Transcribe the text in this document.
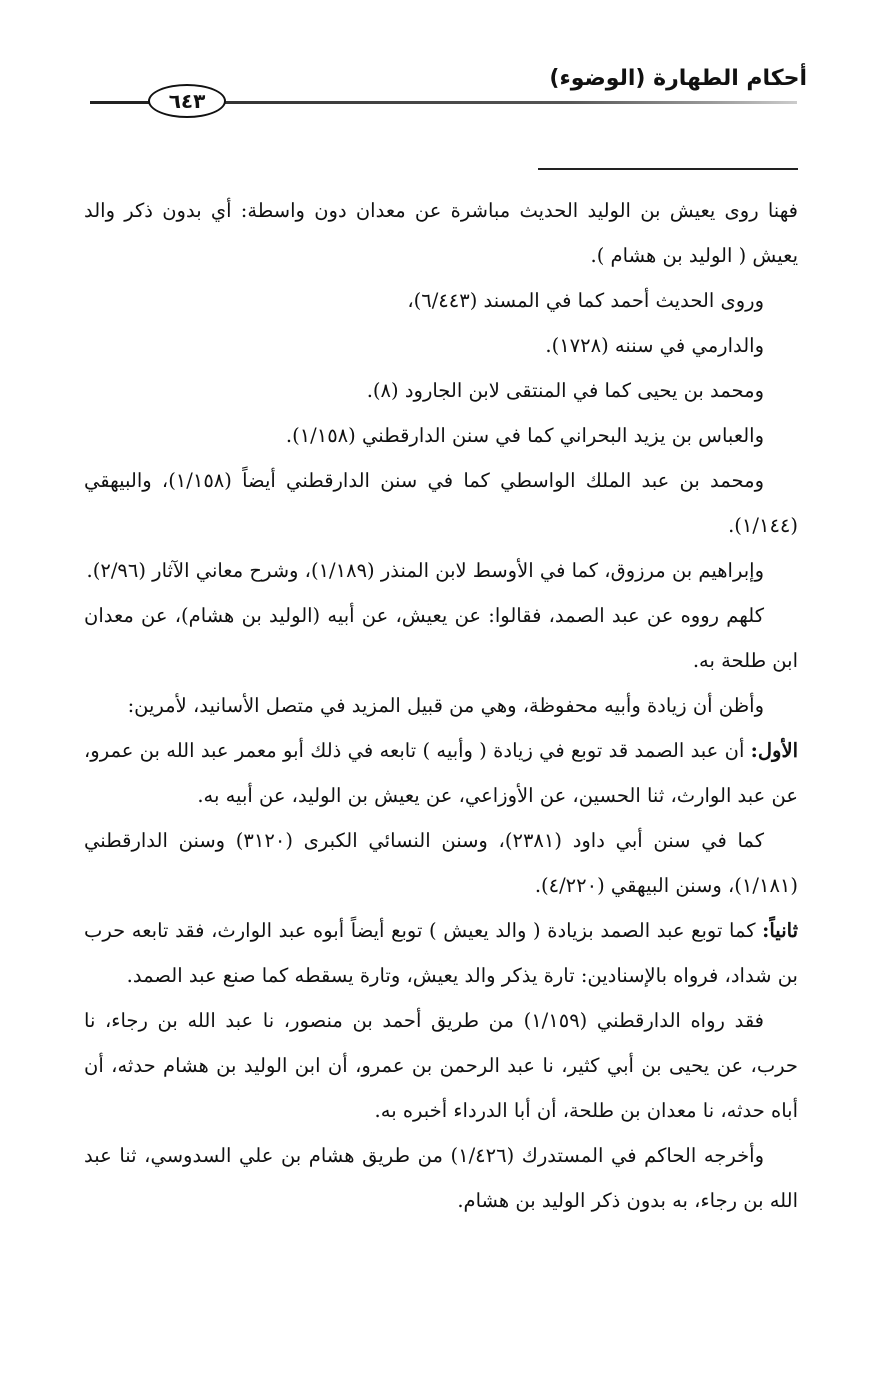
أحكام الطهارة (الوضوء)
٦٤٣

فهنا روى يعيش بن الوليد الحديث مباشرة عن معدان دون واسطة: أي بدون ذكر والد يعيش ( الوليد بن هشام ).

وروى الحديث أحمد كما في المسند (٦/٤٤٣)،

والدارمي في سننه (١٧٢٨).

ومحمد بن يحيى كما في المنتقى لابن الجارود (٨).

والعباس بن يزيد البحراني كما في سنن الدارقطني (١/١٥٨).

ومحمد بن عبد الملك الواسطي كما في سنن الدارقطني أيضاً (١/١٥٨)، والبيهقي (١/١٤٤).

وإبراهيم بن مرزوق، كما في الأوسط لابن المنذر (١/١٨٩)، وشرح معاني الآثار (٢/٩٦).

كلهم رووه عن عبد الصمد، فقالوا: عن يعيش، عن أبيه (الوليد بن هشام)، عن معدان ابن طلحة به.

وأظن أن زيادة وأبيه محفوظة، وهي من قبيل المزيد في متصل الأسانيد، لأمرين:

الأول: أن عبد الصمد قد توبع في زيادة ( وأبيه ) تابعه في ذلك أبو معمر عبد الله بن عمرو، عن عبد الوارث، ثنا الحسين، عن الأوزاعي، عن يعيش بن الوليد، عن أبيه به.

كما في سنن أبي داود (٢٣٨١)، وسنن النسائي الكبرى (٣١٢٠) وسنن الدارقطني (١/١٨١)، وسنن البيهقي (٤/٢٢٠).

ثانياً: كما توبع عبد الصمد بزيادة ( والد يعيش ) توبع أيضاً أبوه عبد الوارث، فقد تابعه حرب بن شداد، فرواه بالإسنادين: تارة يذكر والد يعيش، وتارة يسقطه كما صنع عبد الصمد.

فقد رواه الدارقطني (١/١٥٩) من طريق أحمد بن منصور، نا عبد الله بن رجاء، نا حرب، عن يحيى بن أبي كثير، نا عبد الرحمن بن عمرو، أن ابن الوليد بن هشام حدثه، أن أباه حدثه، نا معدان بن طلحة، أن أبا الدرداء أخبره به.

وأخرجه الحاكم في المستدرك (١/٤٢٦) من طريق هشام بن علي السدوسي، ثنا عبد الله بن رجاء، به بدون ذكر الوليد بن هشام.
